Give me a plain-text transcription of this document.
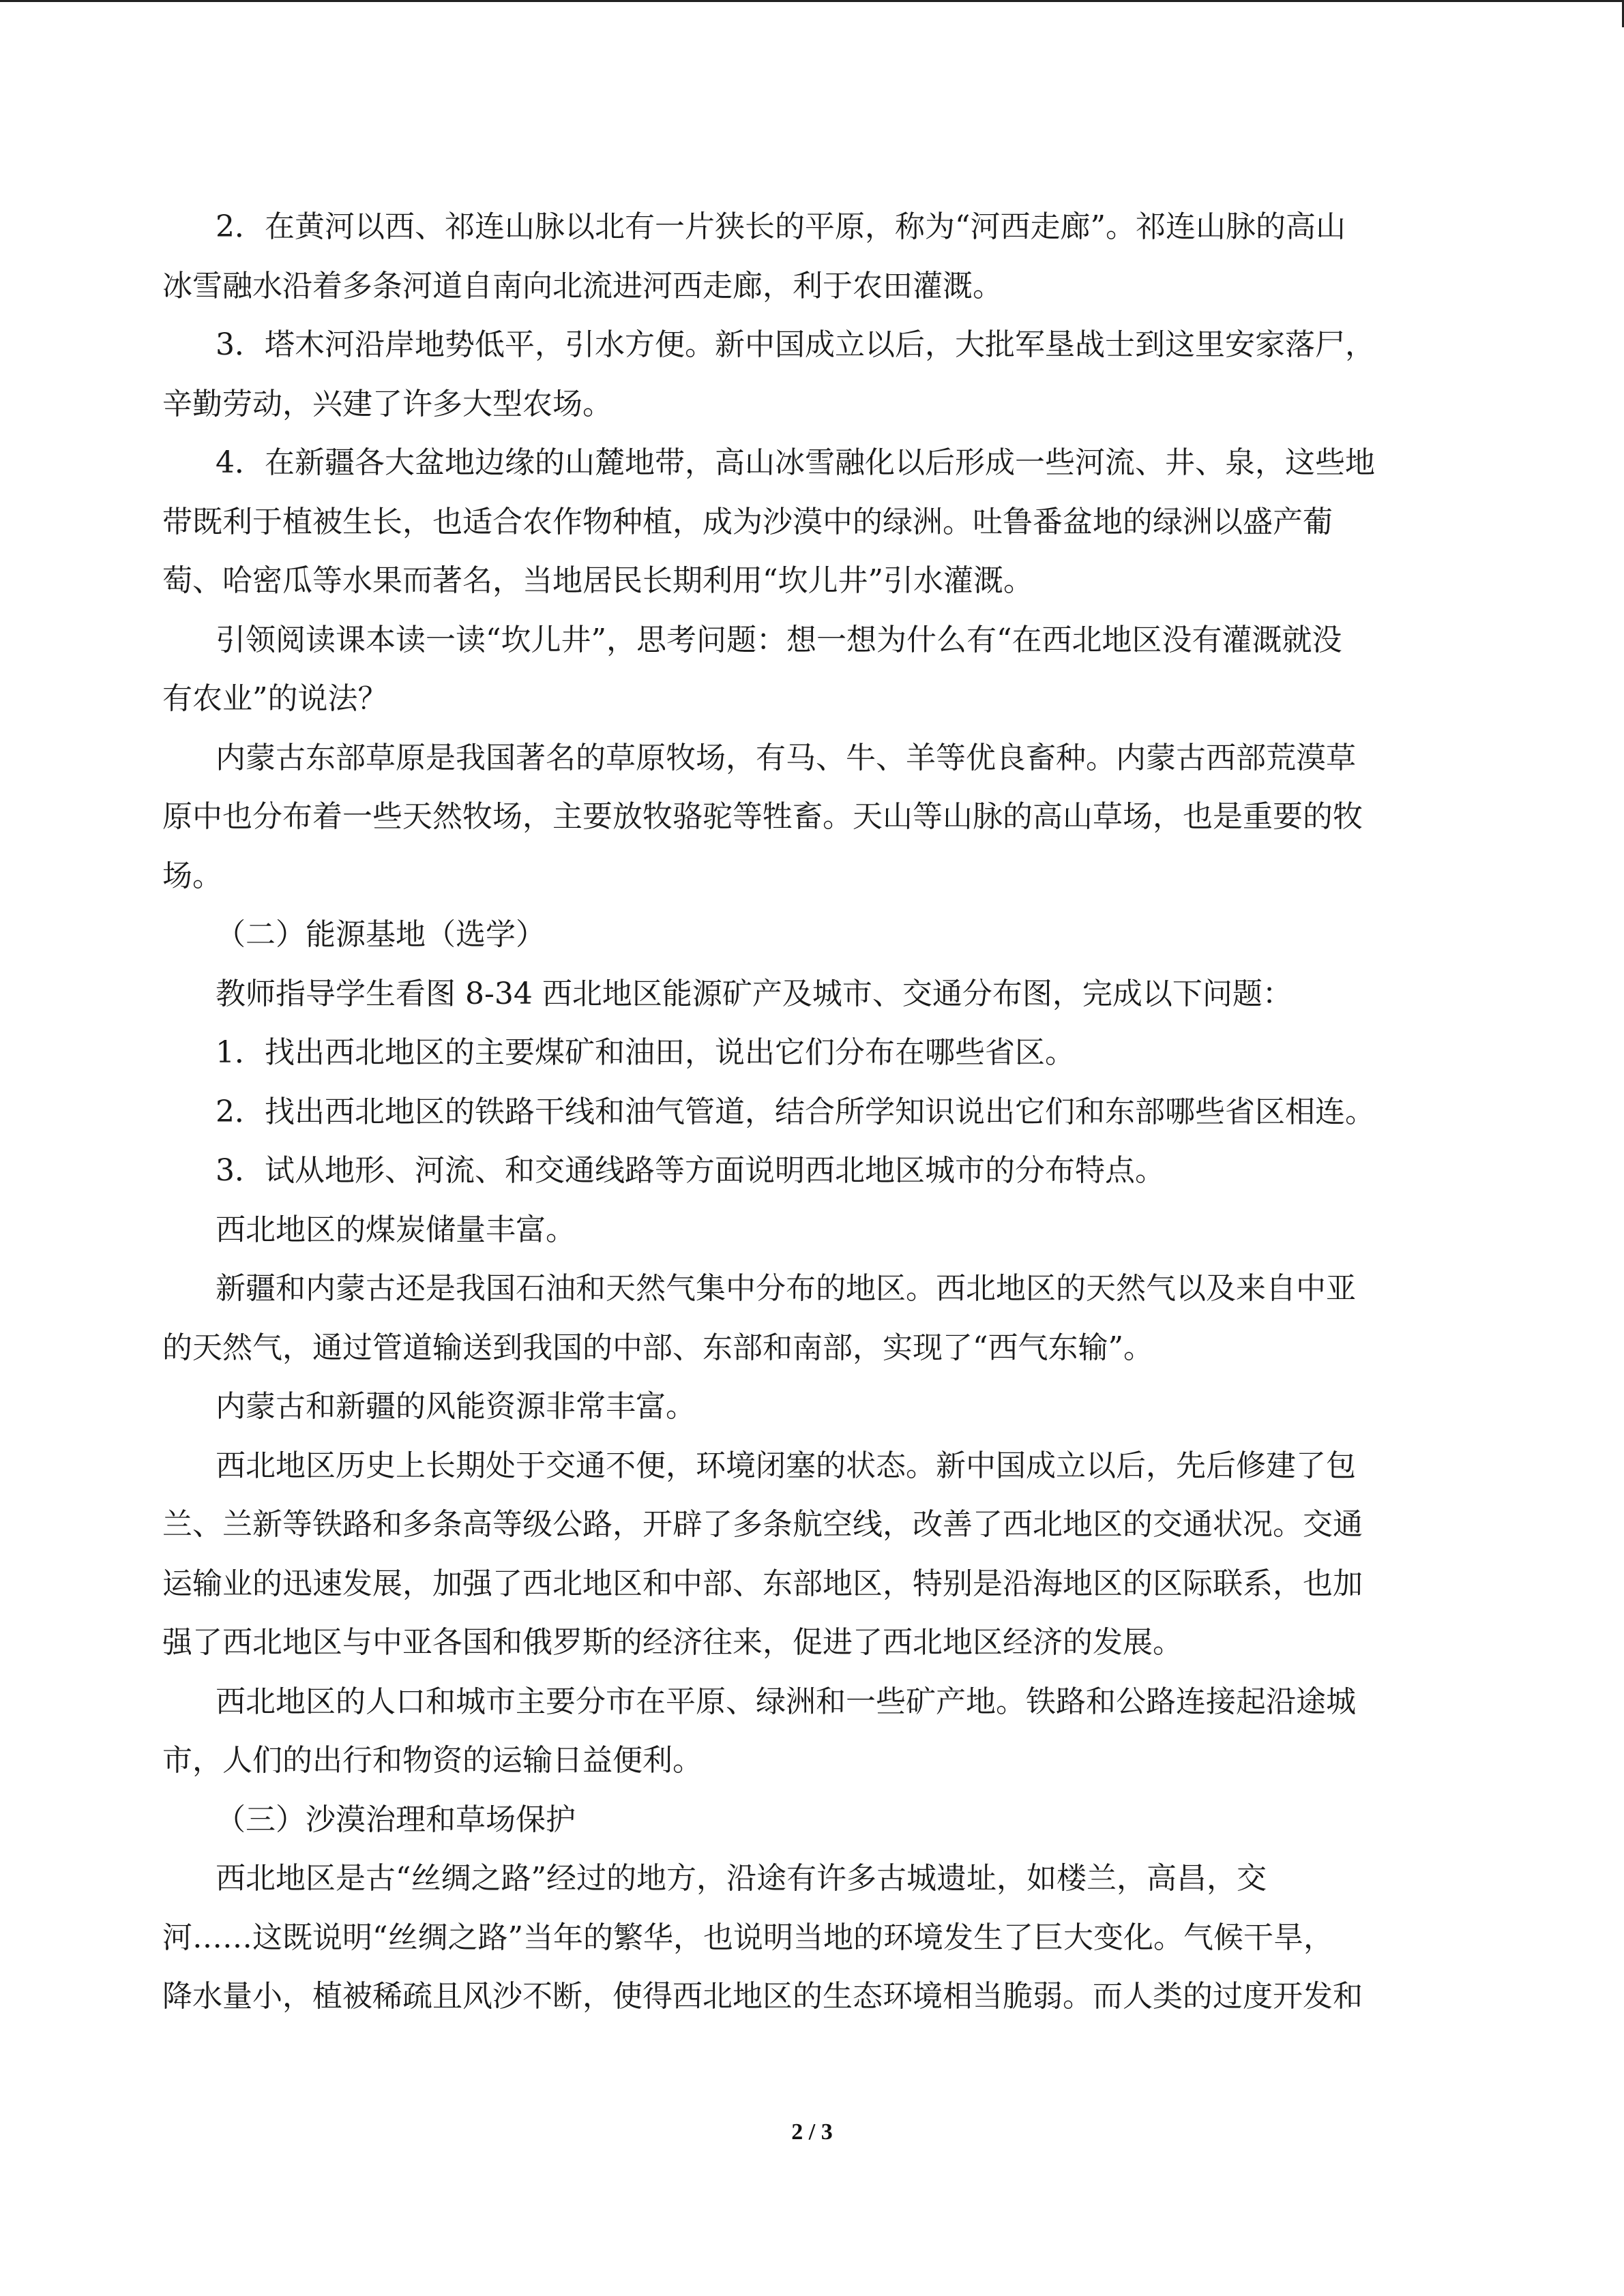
2．在黄河以西、祁连山脉以北有一片狭长的平原，称为“河西走廊”。祁连山脉的高山
冰雪融水沿着多条河道自南向北流进河西走廊，利于农田灌溉。
3．塔木河沿岸地势低平，引水方便。新中国成立以后，大批军垦战士到这里安家落尸，
辛勤劳动，兴建了许多大型农场。
4．在新疆各大盆地边缘的山麓地带，高山冰雪融化以后形成一些河流、井、泉，这些地
带既利于植被生长，也适合农作物种植，成为沙漠中的绿洲。吐鲁番盆地的绿洲以盛产葡
萄、哈密瓜等水果而著名，当地居民长期利用“坎儿井”引水灌溉。
引领阅读课本读一读“坎儿井”，思考问题：想一想为什么有“在西北地区没有灌溉就没
有农业”的说法？
内蒙古东部草原是我国著名的草原牧场，有马、牛、羊等优良畜种。内蒙古西部荒漠草
原中也分布着一些天然牧场，主要放牧骆驼等牲畜。天山等山脉的高山草场，也是重要的牧
场。
（二）能源基地（选学）
教师指导学生看图 8-34 西北地区能源矿产及城市、交通分布图，完成以下问题：
1．找出西北地区的主要煤矿和油田，说出它们分布在哪些省区。
2．找出西北地区的铁路干线和油气管道，结合所学知识说出它们和东部哪些省区相连。
3．试从地形、河流、和交通线路等方面说明西北地区城市的分布特点。
西北地区的煤炭储量丰富。
新疆和内蒙古还是我国石油和天然气集中分布的地区。西北地区的天然气以及来自中亚
的天然气，通过管道输送到我国的中部、东部和南部，实现了“西气东输”。
内蒙古和新疆的风能资源非常丰富。
西北地区历史上长期处于交通不便，环境闭塞的状态。新中国成立以后，先后修建了包
兰、兰新等铁路和多条高等级公路，开辟了多条航空线，改善了西北地区的交通状况。交通
运输业的迅速发展，加强了西北地区和中部、东部地区，特别是沿海地区的区际联系，也加
强了西北地区与中亚各国和俄罗斯的经济往来，促进了西北地区经济的发展。
西北地区的人口和城市主要分市在平原、绿洲和一些矿产地。铁路和公路连接起沿途城
市，人们的出行和物资的运输日益便利。
（三）沙漠治理和草场保护
西北地区是古“丝绸之路”经过的地方，沿途有许多古城遗址，如楼兰，高昌，交
河……这既说明“丝绸之路”当年的繁华，也说明当地的环境发生了巨大变化。气候干旱，
降水量小，植被稀疏且风沙不断，使得西北地区的生态环境相当脆弱。而人类的过度开发和
2 / 3
